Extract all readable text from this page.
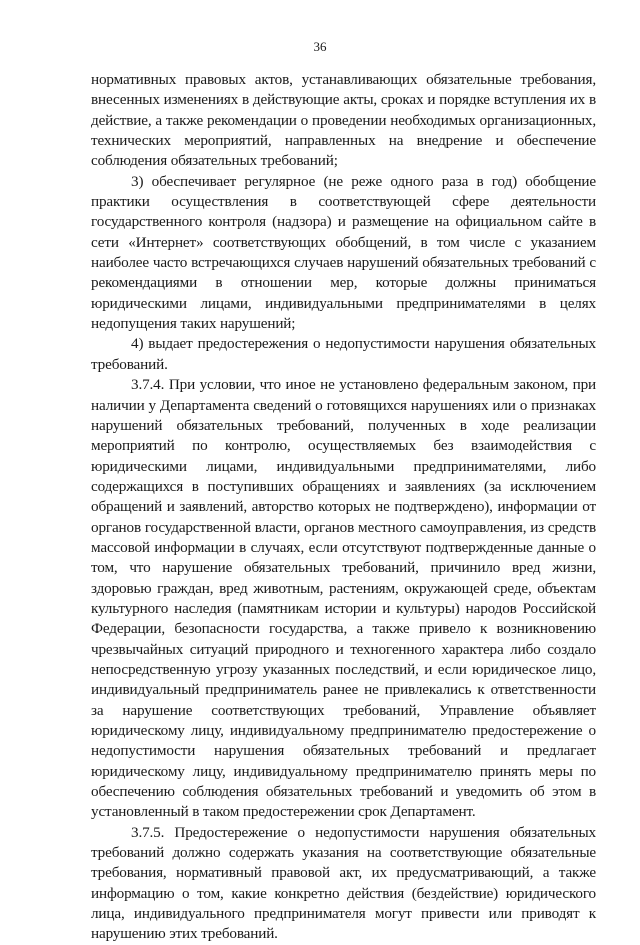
36

нормативных правовых актов, устанавливающих обязательные требования, внесенных изменениях в действующие акты, сроках и порядке вступления их в действие, а также рекомендации о проведении необходимых организационных, технических мероприятий, направленных на внедрение и обеспечение соблюдения обязательных требований;

3) обеспечивает регулярное (не реже одного раза в год) обобщение практики осуществления в соответствующей сфере деятельности государственного контроля (надзора) и размещение на официальном сайте в сети «Интернет» соответствующих обобщений, в том числе с указанием наиболее часто встречающихся случаев нарушений обязательных требований с рекомендациями в отношении мер, которые должны приниматься юридическими лицами, индивидуальными предпринимателями в целях недопущения таких нарушений;

4) выдает предостережения о недопустимости нарушения обязательных требований.

3.7.4. При условии, что иное не установлено федеральным законом, при наличии у Департамента сведений о готовящихся нарушениях или о признаках нарушений обязательных требований, полученных в ходе реализации мероприятий по контролю, осуществляемых без взаимодействия с юридическими лицами, индивидуальными предпринимателями, либо содержащихся в поступивших обращениях и заявлениях (за исключением обращений и заявлений, авторство которых не подтверждено), информации от органов государственной власти, органов местного самоуправления, из средств массовой информации в случаях, если отсутствуют подтвержденные данные о том, что нарушение обязательных требований, причинило вред жизни, здоровью граждан, вред животным, растениям, окружающей среде, объектам культурного наследия (памятникам истории и культуры) народов Российской Федерации, безопасности государства, а также привело к возникновению чрезвычайных ситуаций природного и техногенного характера либо создало непосредственную угрозу указанных последствий, и если юридическое лицо, индивидуальный предприниматель ранее не привлекались к ответственности за нарушение соответствующих требований, Управление объявляет юридическому лицу, индивидуальному предпринимателю предостережение о недопустимости нарушения обязательных требований и предлагает юридическому лицу, индивидуальному предпринимателю принять меры по обеспечению соблюдения обязательных требований и уведомить об этом в установленный в таком предостережении срок Департамент.

3.7.5. Предостережение о недопустимости нарушения обязательных требований должно содержать указания на соответствующие обязательные требования, нормативный правовой акт, их предусматривающий, а также информацию о том, какие конкретно действия (бездействие) юридического лица, индивидуального предпринимателя могут привести или приводят к нарушению этих требований.
